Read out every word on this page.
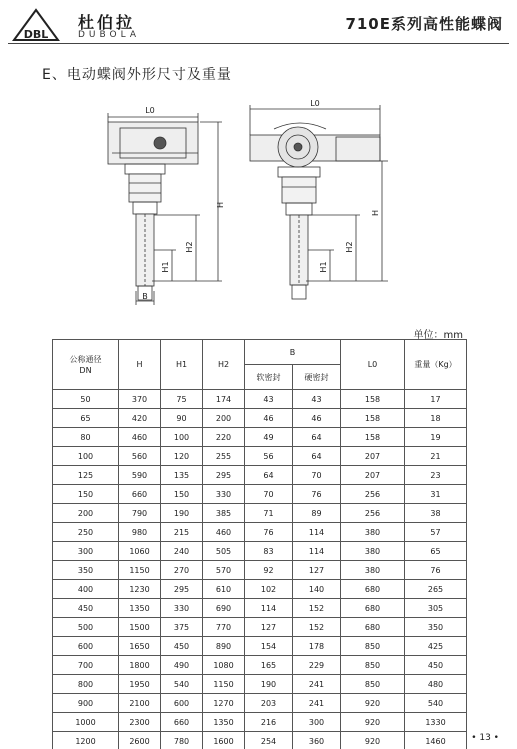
DBL
杜伯拉
DUBOLA
710E系列高性能蝶阀
E、电动蝶阀外形尺寸及重量
L0
H
H2
H1
B
L0
H
H2
H1
单位：mm
公称通径
DN	H	H1	H2	B		L0	重量（Kg）
				软密封	硬密封		
50	370	75	174	43	43	158	17
65	420	90	200	46	46	158	18
80	460	100	220	49	64	158	19
100	560	120	255	56	64	207	21
125	590	135	295	64	70	207	23
150	660	150	330	70	76	256	31
200	790	190	385	71	89	256	38
250	980	215	460	76	114	380	57
300	1060	240	505	83	114	380	65
350	1150	270	570	92	127	380	76
400	1230	295	610	102	140	680	265
450	1350	330	690	114	152	680	305
500	1500	375	770	127	152	680	350
600	1650	450	890	154	178	850	425
700	1800	490	1080	165	229	850	450
800	1950	540	1150	190	241	850	480
900	2100	600	1270	203	241	920	540
1000	2300	660	1350	216	300	920	1330
1200	2600	780	1600	254	360	920	1460	• 13 •
